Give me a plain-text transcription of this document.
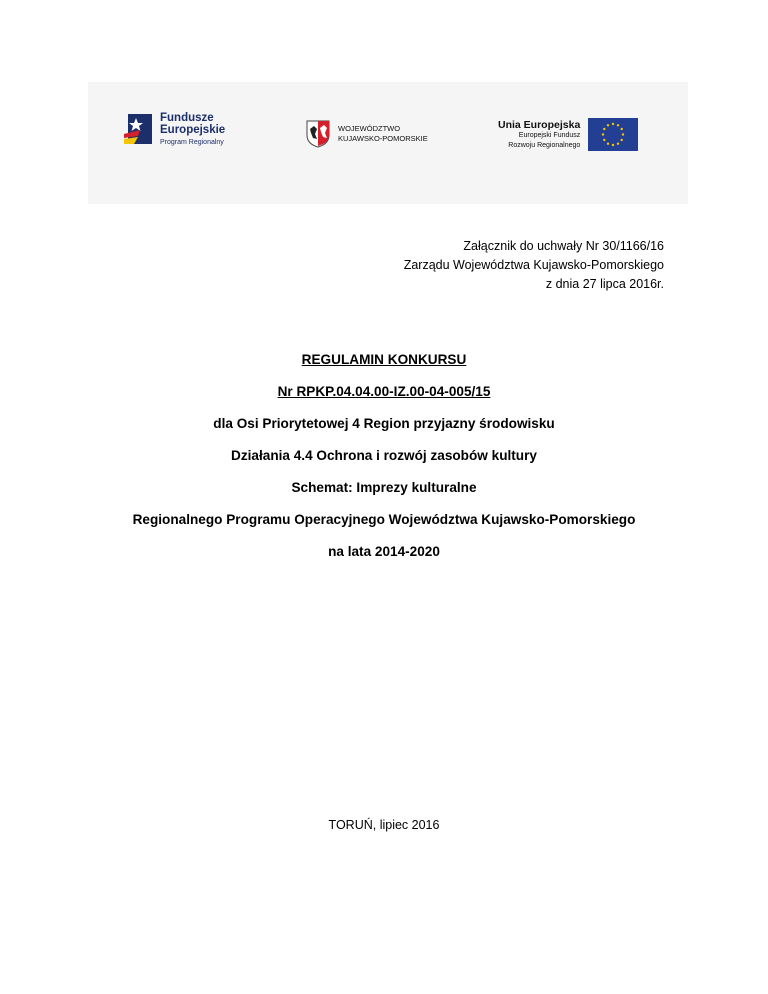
Fundusze
Europejskie
Program Regionalny
WOJEWÓDZTWO
KUJAWSKO-POMORSKIE
Unia Europejska
Europejski Fundusz
Rozwoju Regionalnego
Załącznik do uchwały Nr 30/1166/16
Zarządu Województwa Kujawsko-Pomorskiego
z dnia 27 lipca 2016r.
REGULAMIN KONKURSU
Nr RPKP.04.04.00-IZ.00-04-005/15
dla Osi Priorytetowej 4 Region przyjazny środowisku
Działania 4.4 Ochrona i rozwój zasobów kultury
Schemat: Imprezy kulturalne
Regionalnego Programu Operacyjnego Województwa Kujawsko-Pomorskiego
na lata 2014-2020
TORUŃ, lipiec 2016
